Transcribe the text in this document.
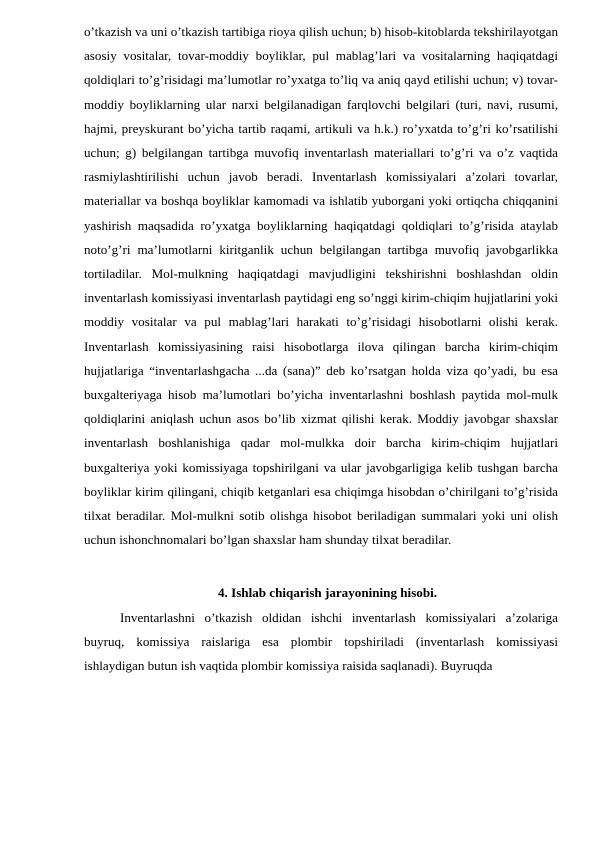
o’tkazish va uni o’tkazish tartibiga rioya qilish uchun; b) hisob-kitoblarda tekshirilayotgan asosiy vositalar, tovar-moddiy boyliklar, pul mablag’lari va vositalarning haqiqatdagi qoldiqlari to’g’risidagi ma’lumotlar ro’yxatga to’liq va aniq qayd etilishi uchun; v) tovar-moddiy boyliklarning ular narxi belgilanadigan farqlovchi belgilari (turi, navi, rusumi, hajmi, preyskurant bo’yicha tartib raqami, artikuli va h.k.) ro’yxatda to’g’ri ko’rsatilishi uchun; g) belgilangan tartibga muvofiq inventarlash materiallari to’g’ri va o’z vaqtida rasmiylashtirilishi uchun javob beradi. Inventarlash komissiyalari a’zolari tovarlar, materiallar va boshqa boyliklar kamomadi va ishlatib yuborgani yoki ortiqcha chiqqanini yashirish maqsadida ro’yxatga boyliklarning haqiqatdagi qoldiqlari to’g’risida ataylab noto’g’ri ma’lumotlarni kiritganlik uchun belgilangan tartibga muvofiq javobgarlikka tortiladilar. Mol-mulkning haqiqatdagi mavjudligini tekshirishni boshlashdan oldin inventarlash komissiyasi inventarlash paytidagi eng so’nggi kirim-chiqim hujjatlarini yoki moddiy vositalar va pul mablag’lari harakati to’g’risidagi hisobotlarni olishi kerak. Inventarlash komissiyasining raisi hisobotlarga ilova qilingan barcha kirim-chiqim hujjatlariga “inventarlashgacha ...da (sana)” deb ko’rsatgan holda viza qo’yadi, bu esa buxgalteriyaga hisob ma’lumotlari bo’yicha inventarlashni boshlash paytida mol-mulk qoldiqlarini aniqlash uchun asos bo’lib xizmat qilishi kerak. Moddiy javobgar shaxslar inventarlash boshlanishiga qadar mol-mulkka doir barcha kirim-chiqim hujjatlari buxgalteriya yoki komissiyaga topshirilgani va ular javobgarligiga kelib tushgan barcha boyliklar kirim qilingani, chiqib ketganlari esa chiqimga hisobdan o’chirilgani to’g’risida tilxat beradilar. Mol-mulkni sotib olishga hisobot beriladigan summalari yoki uni olish uchun ishonchnomalari bo’lgan shaxslar ham shunday tilxat beradilar.

4. Ishlab chiqarish jarayonining hisobi.

Inventarlashni o’tkazish oldidan ishchi inventarlash komissiyalari a’zolariga buyruq, komissiya raislariga esa plombir topshiriladi (inventarlash komissiyasi ishlaydigan butun ish vaqtida plombir komissiya raisida saqlanadi). Buyruqda
